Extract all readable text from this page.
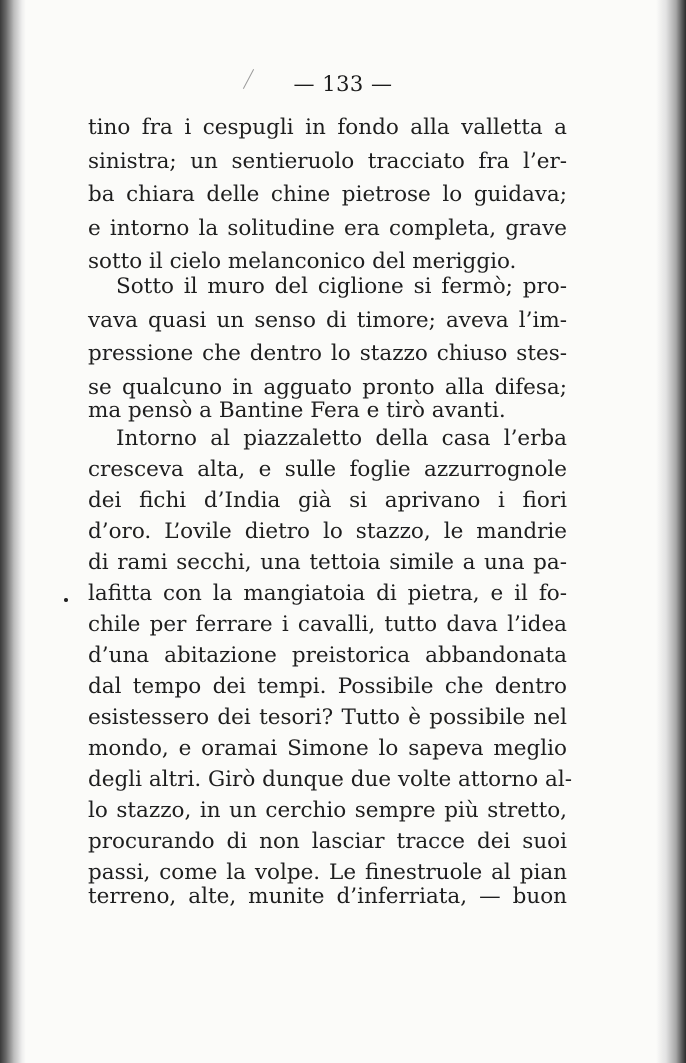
— 133 —
tino fra i cespugli in fondo alla valletta a
sinistra; un sentieruolo tracciato fra l’er-
ba chiara delle chine pietrose lo guidava;
e intorno la solitudine era completa, grave
sotto il cielo melanconico del meriggio.
Sotto il muro del ciglione si fermò; pro-
vava quasi un senso di timore; aveva l’im-
pressione che dentro lo stazzo chiuso stes-
se qualcuno in agguato pronto alla difesa;
ma pensò a Bantine Fera e tirò avanti.
Intorno al piazzaletto della casa l’erba
cresceva alta, e sulle foglie azzurrognole
dei fichi d’India già si aprivano i fiori
d’oro. L’ovile dietro lo stazzo, le mandrie
di rami secchi, una tettoia simile a una pa-
lafitta con la mangiatoia di pietra, e il fo-
chile per ferrare i cavalli, tutto dava l’idea
d’una abitazione preistorica abbandonata
dal tempo dei tempi. Possibile che dentro
esistessero dei tesori? Tutto è possibile nel
mondo, e oramai Simone lo sapeva meglio
degli altri. Girò dunque due volte attorno al-
lo stazzo, in un cerchio sempre più stretto,
procurando di non lasciar tracce dei suoi
passi, come la volpe. Le finestruole al pian
terreno, alte, munite d’inferriata, — buon
